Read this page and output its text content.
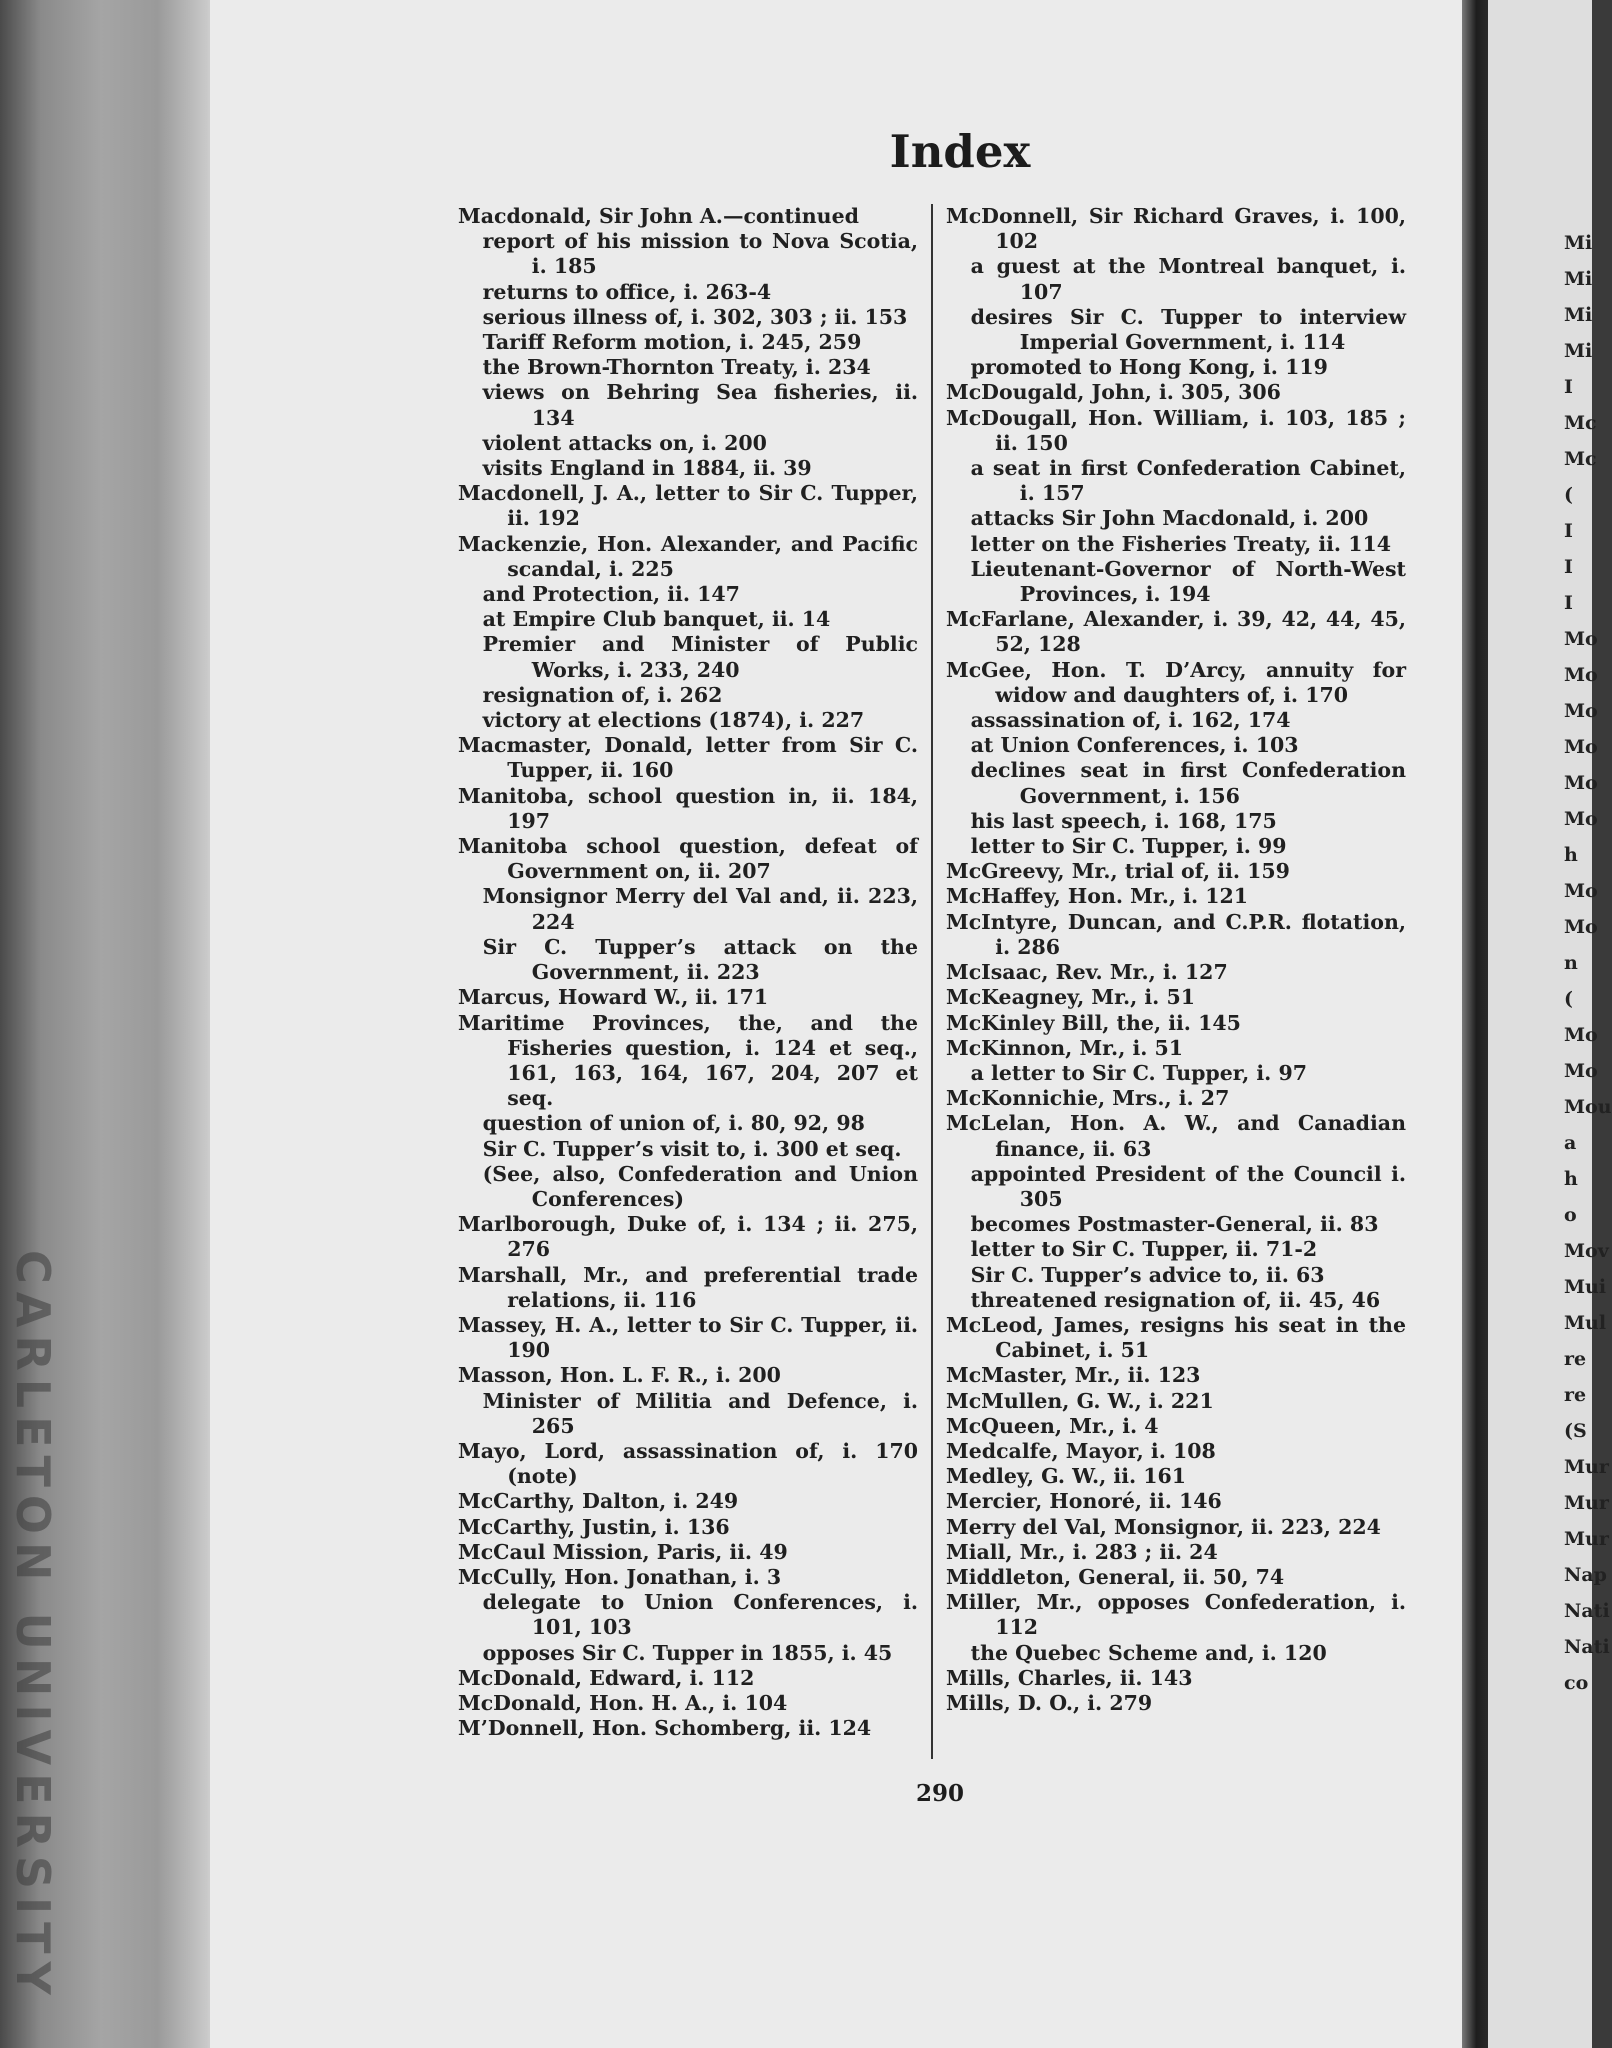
CARLETON UNIVERSITY
Index
Macdonald, Sir John A.—continued
report of his mission to Nova Scotia, i. 185
returns to office, i. 263-4
serious illness of, i. 302, 303 ; ii. 153
Tariff Reform motion, i. 245, 259
the Brown-Thornton Treaty, i. 234
views on Behring Sea fisheries, ii. 134
violent attacks on, i. 200
visits England in 1884, ii. 39
Macdonell, J. A., letter to Sir C. Tupper, ii. 192
Mackenzie, Hon. Alexander, and Pacific scandal, i. 225
and Protection, ii. 147
at Empire Club banquet, ii. 14
Premier and Minister of Public Works, i. 233, 240
resignation of, i. 262
victory at elections (1874), i. 227
Macmaster, Donald, letter from Sir C. Tupper, ii. 160
Manitoba, school question in, ii. 184, 197
Manitoba school question, defeat of Government on, ii. 207
Monsignor Merry del Val and, ii. 223, 224
Sir C. Tupper’s attack on the Government, ii. 223
Marcus, Howard W., ii. 171
Maritime Provinces, the, and the Fisheries question, i. 124 et seq., 161, 163, 164, 167, 204, 207 et seq.
question of union of, i. 80, 92, 98
Sir C. Tupper’s visit to, i. 300 et seq.
(See, also, Confederation and Union Conferences)
Marlborough, Duke of, i. 134 ; ii. 275, 276
Marshall, Mr., and preferential trade relations, ii. 116
Massey, H. A., letter to Sir C. Tupper, ii. 190
Masson, Hon. L. F. R., i. 200
Minister of Militia and Defence, i. 265
Mayo, Lord, assassination of, i. 170 (note)
McCarthy, Dalton, i. 249
McCarthy, Justin, i. 136
McCaul Mission, Paris, ii. 49
McCully, Hon. Jonathan, i. 3
delegate to Union Conferences, i. 101, 103
opposes Sir C. Tupper in 1855, i. 45
McDonald, Edward, i. 112
McDonald, Hon. H. A., i. 104
M’Donnell, Hon. Schomberg, ii. 124
McDonnell, Sir Richard Graves, i. 100, 102
a guest at the Montreal banquet, i. 107
desires Sir C. Tupper to interview Imperial Government, i. 114
promoted to Hong Kong, i. 119
McDougald, John, i. 305, 306
McDougall, Hon. William, i. 103, 185 ; ii. 150
a seat in first Confederation Cabinet, i. 157
attacks Sir John Macdonald, i. 200
letter on the Fisheries Treaty, ii. 114
Lieutenant-Governor of North-West Provinces, i. 194
McFarlane, Alexander, i. 39, 42, 44, 45, 52, 128
McGee, Hon. T. D’Arcy, annuity for widow and daughters of, i. 170
assassination of, i. 162, 174
at Union Conferences, i. 103
declines seat in first Confederation Government, i. 156
his last speech, i. 168, 175
letter to Sir C. Tupper, i. 99
McGreevy, Mr., trial of, ii. 159
McHaffey, Hon. Mr., i. 121
McIntyre, Duncan, and C.P.R. flotation, i. 286
McIsaac, Rev. Mr., i. 127
McKeagney, Mr., i. 51
McKinley Bill, the, ii. 145
McKinnon, Mr., i. 51
a letter to Sir C. Tupper, i. 97
McKonnichie, Mrs., i. 27
McLelan, Hon. A. W., and Canadian finance, ii. 63
appointed President of the Council i. 305
becomes Postmaster-General, ii. 83
letter to Sir C. Tupper, ii. 71-2
Sir C. Tupper’s advice to, ii. 63
threatened resignation of, ii. 45, 46
McLeod, James, resigns his seat in the Cabinet, i. 51
McMaster, Mr., ii. 123
McMullen, G. W., i. 221
McQueen, Mr., i. 4
Medcalfe, Mayor, i. 108
Medley, G. W., ii. 161
Mercier, Honoré, ii. 146
Merry del Val, Monsignor, ii. 223, 224
Miall, Mr., i. 283 ; ii. 24
Middleton, General, ii. 50, 74
Miller, Mr., opposes Confederation, i. 112
the Quebec Scheme and, i. 120
Mills, Charles, ii. 143
Mills, D. O., i. 279
290
Mi
Mi
Mi
Mi
I
Mc
Mc
(
I
I
I
Mo
Mo
Mo
Mo
Mo
Mo
h
Mo
Mo
n
(
Mo
Mo
Mou
a
h
o
Mov
Mui
Mul
re
re
(S
Mur
Mur
Mur
Nap
Nati
Nati
co
